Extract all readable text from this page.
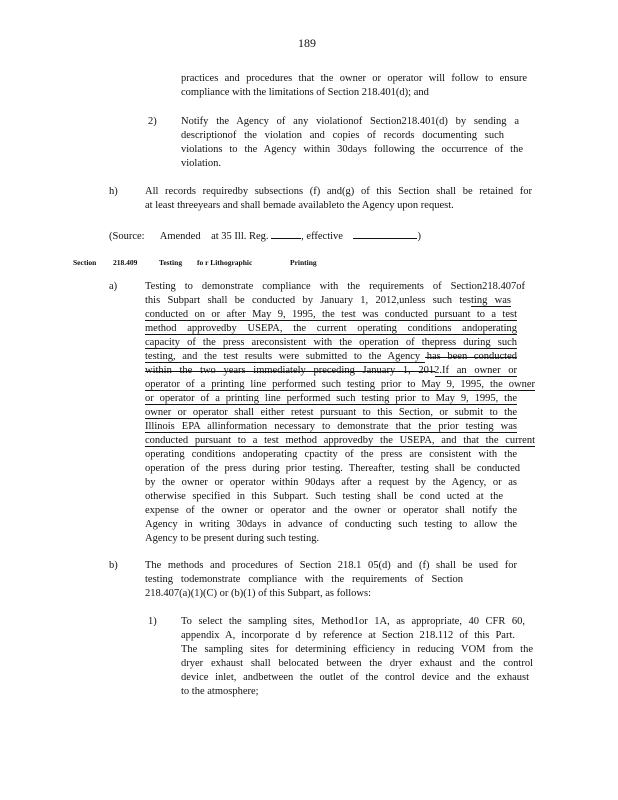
189
practices and procedures that the owner or operator will follow to ensure
compliance with the limitations of Section 218.401(d); and
2) Notify the Agency of any violationof Section218.401(d) by sending a
descriptionof the violation and copies of records documenting such
violations to the Agency within 30days following the occurrence of the
violation.
h)	All records requiredby subsections (f) and(g) of this Section shall be retained for
at least threeyears and shall bemade availableto the Agency upon request.
(Source: Amended at 35 Ill. Reg.	, effective	)
Section 218.409	Testing fo r Lithographic	Printing
a)	Testing to demonstrate compliance with the requirements of Section218.407of
this Subpart shall be conducted by January 1, 2012,unless such testing was
conducted on or after May 9, 1995, the test was conducted pursuant to a test
method approvedby USEPA, the current operating conditions andoperating
capacity of the press areconsistent with the operation of thepress during such
testing, and the test results were submitted to the Agency has been conducted
within the two years immediately preceding January 1, 2012.If an owner or
operator of a printing line performed such testing prior to May 9, 1995, the owner
or operator of a printing line performed such testing prior to May 9, 1995, the
owner or operator shall either retest pursuant to this Section, or submit to the
Illinois EPA allinformation necessary to demonstrate that the prior testing was
conducted pursuant to a test method approvedby the USEPA, and that the current
operating conditions andoperating cpactity of the press are consistent with the
operation of the press during prior testing. Thereafter, testing shall be conducted
by the owner or operator within 90days after a request by the Agency, or as
otherwise specified in this Subpart. Such testing shall be cond ucted at the
expense of the owner or operator and the owner or operator shall notify the
Agency in writing 30days in advance of conducting such testing to allow the
Agency to be present during such testing.
b)	The methods and procedures of Section 218.1 05(d) and (f) shall be used for
testing todemonstrate compliance with the requirements of Section
218.407(a)(1)(C) or (b)(1) of this Subpart, as follows:
1) To select the sampling sites, Method1or 1A, as appropriate, 40 CFR 60,
appendix A, incorporate d by reference at Section 218.112 of this Part.
The sampling sites for determining efficiency in reducing VOM from the
dryer exhaust shall belocated between the dryer exhaust and the control
device inlet, andbetween the outlet of the control device and the exhaust
to the atmosphere;
